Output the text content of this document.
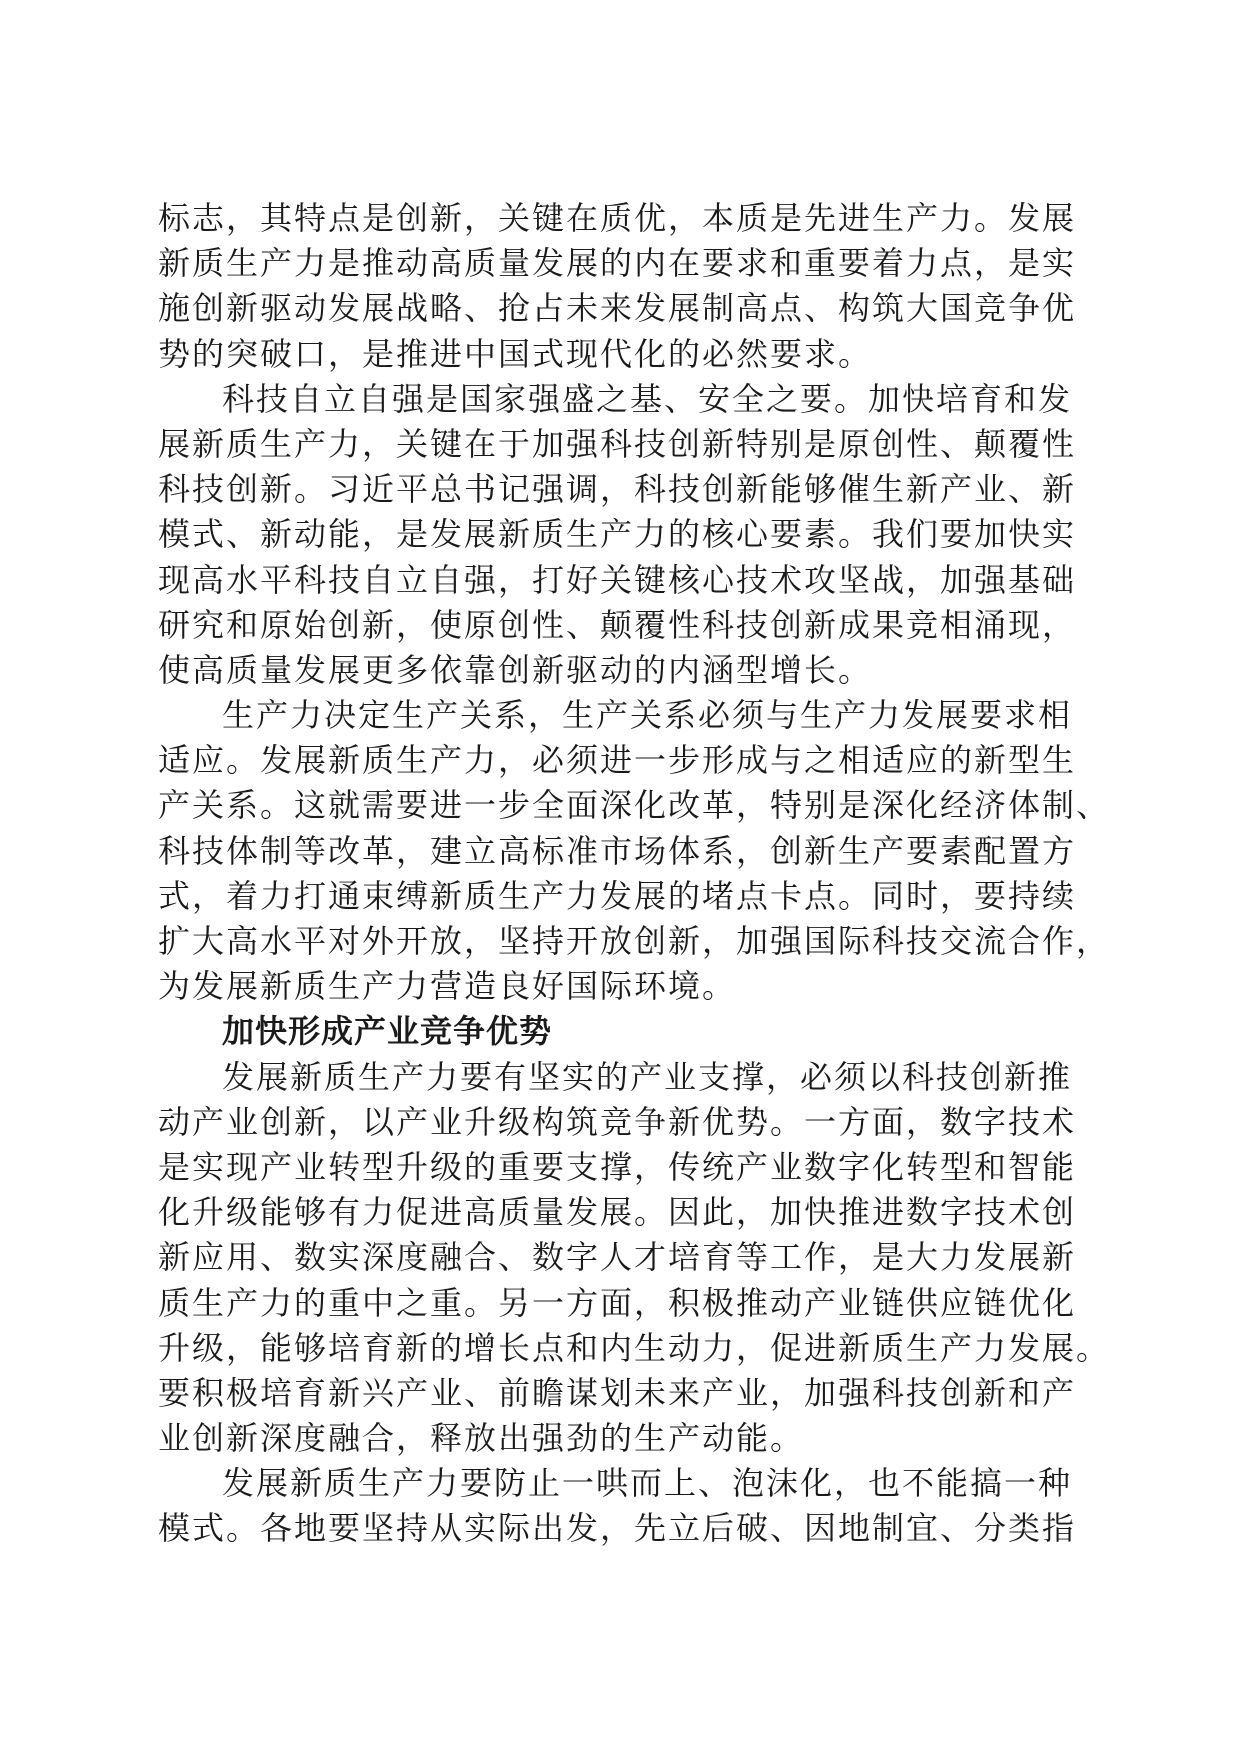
标志，其特点是创新，关键在质优，本质是先进生产力。发展
新质生产力是推动高质量发展的内在要求和重要着力点，是实
施创新驱动发展战略、抢占未来发展制高点、构筑大国竞争优
势的突破口，是推进中国式现代化的必然要求。
科技自立自强是国家强盛之基、安全之要。加快培育和发
展新质生产力，关键在于加强科技创新特别是原创性、颠覆性
科技创新。习近平总书记强调，科技创新能够催生新产业、新
模式、新动能，是发展新质生产力的核心要素。我们要加快实
现高水平科技自立自强，打好关键核心技术攻坚战，加强基础
研究和原始创新，使原创性、颠覆性科技创新成果竞相涌现，
使高质量发展更多依靠创新驱动的内涵型增长。
生产力决定生产关系，生产关系必须与生产力发展要求相
适应。发展新质生产力，必须进一步形成与之相适应的新型生
产关系。这就需要进一步全面深化改革，特别是深化经济体制、
科技体制等改革，建立高标准市场体系，创新生产要素配置方
式，着力打通束缚新质生产力发展的堵点卡点。同时，要持续
扩大高水平对外开放，坚持开放创新，加强国际科技交流合作，
为发展新质生产力营造良好国际环境。
加快形成产业竞争优势
发展新质生产力要有坚实的产业支撑，必须以科技创新推
动产业创新，以产业升级构筑竞争新优势。一方面，数字技术
是实现产业转型升级的重要支撑，传统产业数字化转型和智能
化升级能够有力促进高质量发展。因此，加快推进数字技术创
新应用、数实深度融合、数字人才培育等工作，是大力发展新
质生产力的重中之重。另一方面，积极推动产业链供应链优化
升级，能够培育新的增长点和内生动力，促进新质生产力发展。
要积极培育新兴产业、前瞻谋划未来产业，加强科技创新和产
业创新深度融合，释放出强劲的生产动能。
发展新质生产力要防止一哄而上、泡沫化，也不能搞一种
模式。各地要坚持从实际出发，先立后破、因地制宜、分类指
